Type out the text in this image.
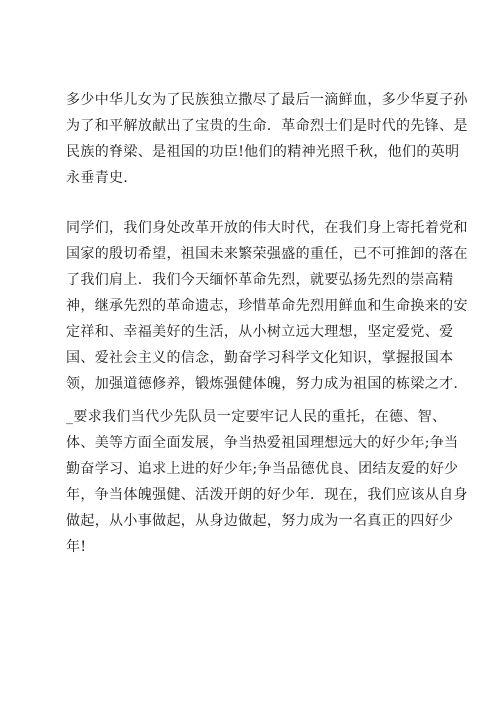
多少中华儿女为了民族独立撒尽了最后一滴鲜血，多少华夏子孙
为了和平解放献出了宝贵的生命．革命烈士们是时代的先锋、是
民族的脊梁、是祖国的功臣!他们的精神光照千秋，他们的英明
永垂青史．
同学们，我们身处改革开放的伟大时代，在我们身上寄托着党和
国家的殷切希望，祖国未来繁荣强盛的重任，已不可推卸的落在
了我们肩上．我们今天缅怀革命先烈，就要弘扬先烈的崇高精
神，继承先烈的革命遗志，珍惜革命先烈用鲜血和生命换来的安
定祥和、幸福美好的生活，从小树立远大理想，坚定爱党、爱
国、爱社会主义的信念，勤奋学习科学文化知识，掌握报国本
领，加强道德修养，锻炼强健体魄，努力成为祖国的栋梁之才．
_要求我们当代少先队员一定要牢记人民的重托，在德、智、
体、美等方面全面发展，争当热爱祖国理想远大的好少年;争当
勤奋学习、追求上进的好少年;争当品德优良、团结友爱的好少
年，争当体魄强健、活泼开朗的好少年．现在，我们应该从自身
做起，从小事做起，从身边做起，努力成为一名真正的四好少
年!
